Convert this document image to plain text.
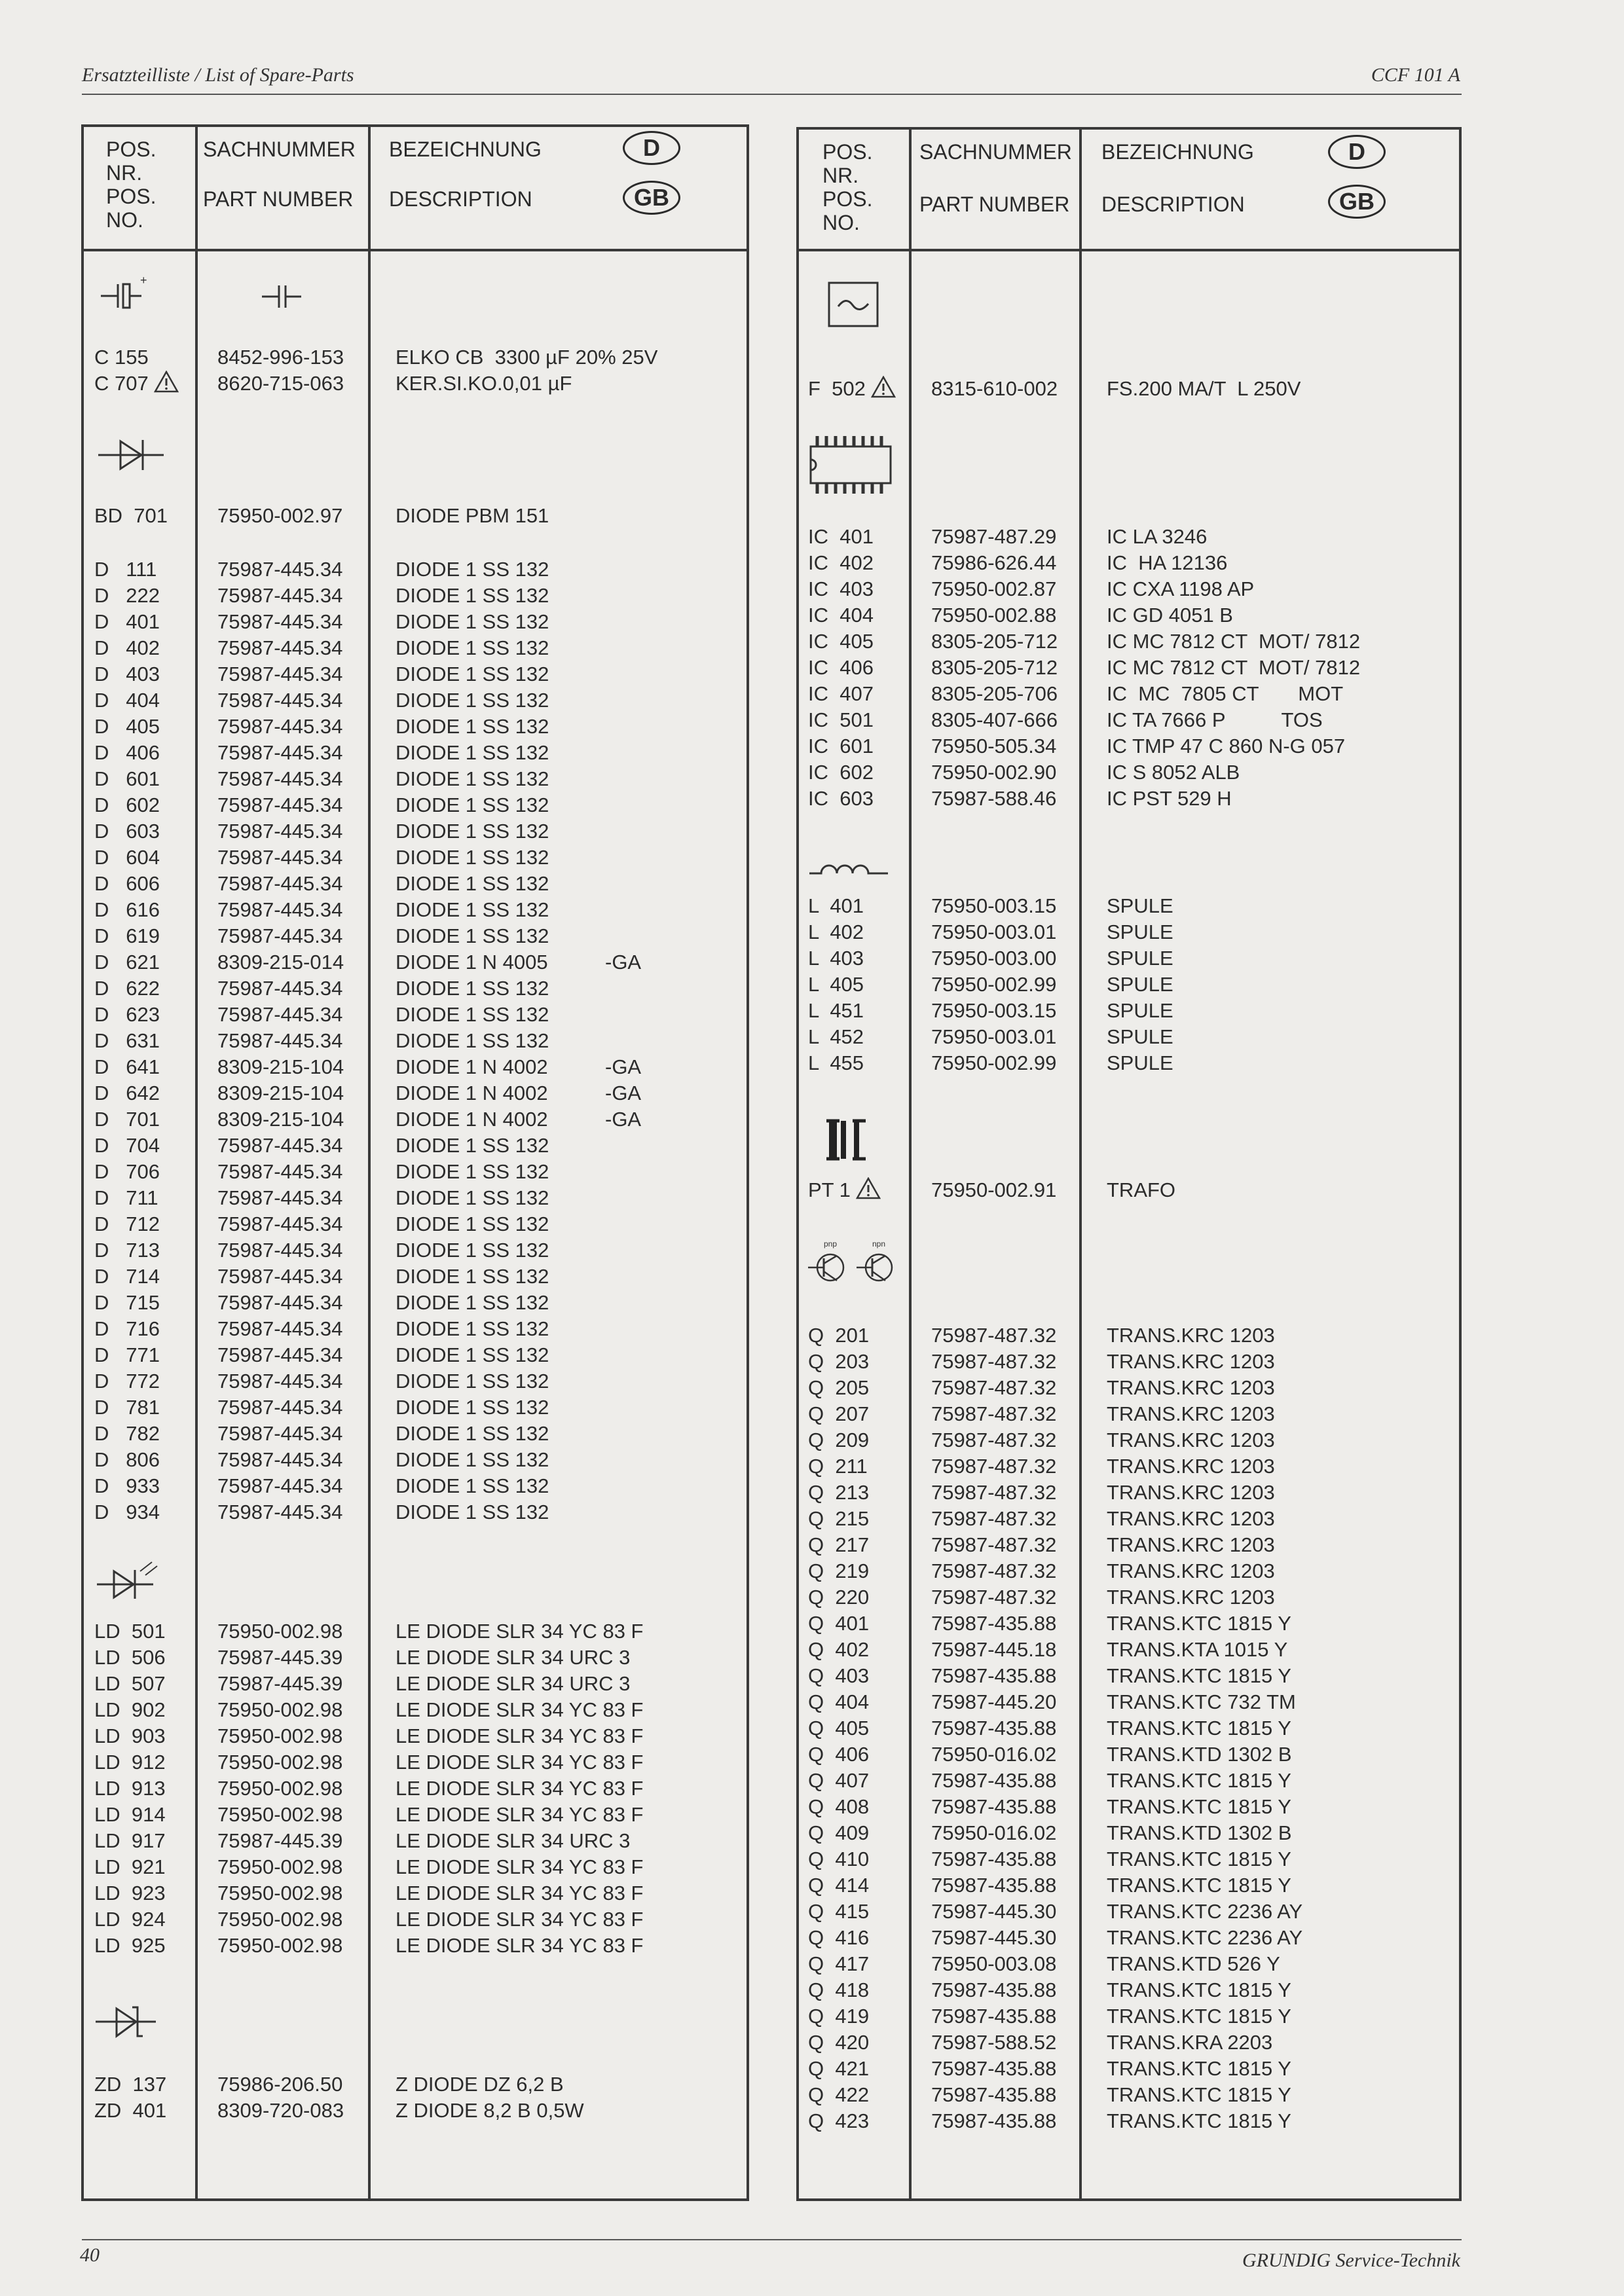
Ersatzteilliste / List of Spare-Parts	CCF 101 A
POS.
NR.
POS.
NO.
SACHNUMMER
PART NUMBER
BEZEICHNUNG
DESCRIPTION
D
GB
POS.
NR.
POS.
NO.
SACHNUMMER
PART NUMBER
BEZEICHNUNG
DESCRIPTION
D
GB
+
pnp	npn
C 155	8452-996-153	ELKO CB  3300 µF 20% 25V
C 707	8620-715-063	KER.SI.KO.0,01 µF
BD  701 75950-002.97	DIODE PBM 151
D   111	75987-445.34	DIODE 1 SS 132
D   222	75987-445.34	DIODE 1 SS 132
D   401	75987-445.34	DIODE 1 SS 132
D   402	75987-445.34	DIODE 1 SS 132
D   403	75987-445.34	DIODE 1 SS 132
D   404	75987-445.34	DIODE 1 SS 132
D   405	75987-445.34	DIODE 1 SS 132
D   406	75987-445.34	DIODE 1 SS 132
D   601	75987-445.34	DIODE 1 SS 132
D   602	75987-445.34	DIODE 1 SS 132
D   603	75987-445.34	DIODE 1 SS 132
D   604	75987-445.34	DIODE 1 SS 132
D   606	75987-445.34	DIODE 1 SS 132
D   616	75987-445.34	DIODE 1 SS 132
D   619	75987-445.34	DIODE 1 SS 132
D   621	8309-215-014	DIODE 1 N 4005	-GA
D   622	75987-445.34	DIODE 1 SS 132
D   623	75987-445.34	DIODE 1 SS 132
D   631	75987-445.34	DIODE 1 SS 132
D   641	8309-215-104	DIODE 1 N 4002	-GA
D   642	8309-215-104	DIODE 1 N 4002	-GA
D   701	8309-215-104	DIODE 1 N 4002	-GA
D   704	75987-445.34	DIODE 1 SS 132
D   706	75987-445.34	DIODE 1 SS 132
D   711	75987-445.34	DIODE 1 SS 132
D   712	75987-445.34	DIODE 1 SS 132
D   713	75987-445.34	DIODE 1 SS 132
D   714	75987-445.34	DIODE 1 SS 132
D   715	75987-445.34	DIODE 1 SS 132
D   716	75987-445.34	DIODE 1 SS 132
D   771	75987-445.34	DIODE 1 SS 132
D   772	75987-445.34	DIODE 1 SS 132
D   781	75987-445.34	DIODE 1 SS 132
D   782	75987-445.34	DIODE 1 SS 132
D   806	75987-445.34	DIODE 1 SS 132
D   933	75987-445.34	DIODE 1 SS 132
D   934	75987-445.34	DIODE 1 SS 132
LD  501	75950-002.98	LE DIODE SLR 34 YC 83 F
LD  506	75987-445.39	LE DIODE SLR 34 URC 3
LD  507	75987-445.39	LE DIODE SLR 34 URC 3
LD  902	75950-002.98	LE DIODE SLR 34 YC 83 F
LD  903	75950-002.98	LE DIODE SLR 34 YC 83 F
LD  912	75950-002.98	LE DIODE SLR 34 YC 83 F
LD  913	75950-002.98	LE DIODE SLR 34 YC 83 F
LD  914	75950-002.98	LE DIODE SLR 34 YC 83 F
LD  917	75987-445.39	LE DIODE SLR 34 URC 3
LD  921	75950-002.98	LE DIODE SLR 34 YC 83 F
LD  923	75950-002.98	LE DIODE SLR 34 YC 83 F
LD  924	75950-002.98	LE DIODE SLR 34 YC 83 F
LD  925	75950-002.98	LE DIODE SLR 34 YC 83 F
ZD  137	75986-206.50	Z DIODE DZ 6,2 B
ZD  401	8309-720-083	Z DIODE 8,2 B 0,5W
F  502	8315-610-002 FS.200 MA/T  L 250V
IC  401	75987-487.29 IC LA 3246
IC  402	75986-626.44 IC  HA 12136
IC  403	75950-002.87 IC CXA 1198 AP
IC  404	75950-002.88 IC GD 4051 B
IC  405	8305-205-712 IC MC 7812 CT  MOT/ 7812
IC  406	8305-205-712 IC MC 7812 CT  MOT/ 7812
IC  407	8305-205-706 IC  MC  7805 CT       MOT
IC  501	8305-407-666 IC TA 7666 P          TOS
IC  601	75950-505.34 IC TMP 47 C 860 N-G 057
IC  602	75950-002.90 IC S 8052 ALB
IC  603	75987-588.46 IC PST 529 H
L  401	75950-003.15 SPULE
L  402	75950-003.01 SPULE
L  403	75950-003.00 SPULE
L  405	75950-002.99 SPULE
L  451	75950-003.15 SPULE
L  452	75950-003.01 SPULE
L  455	75950-002.99 SPULE
PT 1	75950-002.91 TRAFO
Q  201	75987-487.32 TRANS.KRC 1203
Q  203	75987-487.32 TRANS.KRC 1203
Q  205	75987-487.32 TRANS.KRC 1203
Q  207	75987-487.32 TRANS.KRC 1203
Q  209	75987-487.32 TRANS.KRC 1203
Q  211	75987-487.32 TRANS.KRC 1203
Q  213	75987-487.32 TRANS.KRC 1203
Q  215	75987-487.32 TRANS.KRC 1203
Q  217	75987-487.32 TRANS.KRC 1203
Q  219	75987-487.32 TRANS.KRC 1203
Q  220	75987-487.32 TRANS.KRC 1203
Q  401	75987-435.88 TRANS.KTC 1815 Y
Q  402	75987-445.18 TRANS.KTA 1015 Y
Q  403	75987-435.88 TRANS.KTC 1815 Y
Q  404	75987-445.20 TRANS.KTC 732 TM
Q  405	75987-435.88 TRANS.KTC 1815 Y
Q  406	75950-016.02 TRANS.KTD 1302 B
Q  407	75987-435.88 TRANS.KTC 1815 Y
Q  408	75987-435.88 TRANS.KTC 1815 Y
Q  409	75950-016.02 TRANS.KTD 1302 B
Q  410	75987-435.88 TRANS.KTC 1815 Y
Q  414	75987-435.88 TRANS.KTC 1815 Y
Q  415	75987-445.30 TRANS.KTC 2236 AY
Q  416	75987-445.30 TRANS.KTC 2236 AY
Q  417	75950-003.08 TRANS.KTD 526 Y
Q  418	75987-435.88 TRANS.KTC 1815 Y
Q  419	75987-435.88 TRANS.KTC 1815 Y
Q  420	75987-588.52 TRANS.KRA 2203
Q  421	75987-435.88 TRANS.KTC 1815 Y
Q  422	75987-435.88 TRANS.KTC 1815 Y
Q  423	75987-435.88 TRANS.KTC 1815 Y
40	GRUNDIG Service-Technik
